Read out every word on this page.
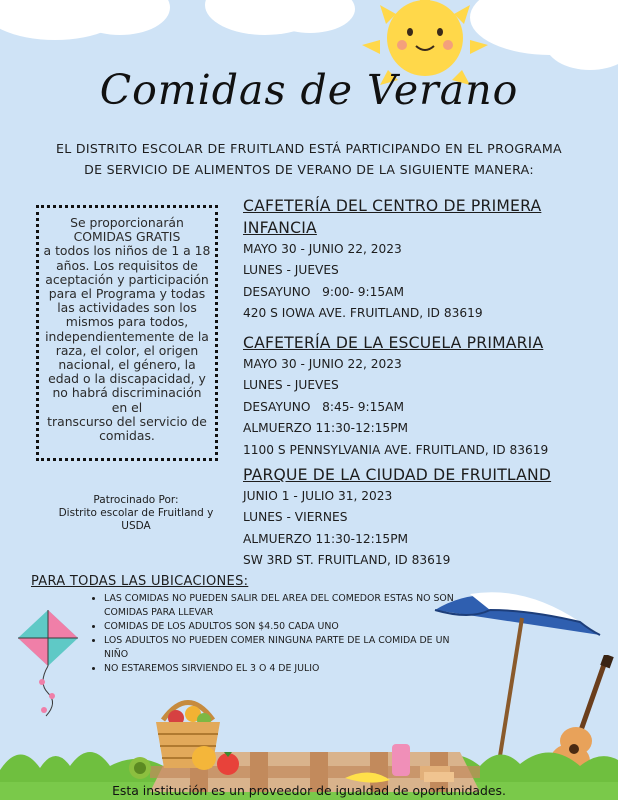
Comidas de Verano
EL DISTRITO ESCOLAR DE FRUITLAND ESTÁ PARTICIPANDO EN EL PROGRAMA
DE SERVICIO DE ALIMENTOS DE VERANO DE LA SIGUIENTE MANERA:
Se proporcionarán
COMIDAS GRATIS
a todos los niños de 1 a 18
años. Los requisitos de
aceptación y participación
para el Programa y todas
las actividades son los
mismos para todos,
independientemente de la
raza, el color, el origen
nacional, el género, la
edad o la discapacidad, y
no habrá discriminación
en el
transcurso del servicio de
comidas.
Patrocinado Por:
Distrito escolar de Fruitland y
USDA
CAFETERÍA DEL CENTRO DE PRIMERA
INFANCIA
MAYO 30 - JUNIO 22, 2023
LUNES - JUEVES
DESAYUNO   9:00- 9:15AM
420 S IOWA AVE. FRUITLAND, ID 83619
CAFETERÍA DE LA ESCUELA PRIMARIA
MAYO 30 - JUNIO 22, 2023
LUNES - JUEVES
DESAYUNO   8:45- 9:15AM
ALMUERZO 11:30-12:15PM
1100 S PENNSYLVANIA AVE. FRUITLAND, ID 83619
PARQUE DE LA CIUDAD DE FRUITLAND
JUNIO 1 - JULIO 31, 2023
LUNES - VIERNES
ALMUERZO 11:30-12:15PM
SW 3RD ST. FRUITLAND, ID 83619
PARA TODAS LAS UBICACIONES:
• LAS COMIDAS NO PUEDEN SALIR DEL AREA DEL COMEDOR ESTAS NO SON COMIDAS PARA LLEVAR
• COMIDAS DE LOS ADULTOS SON $4.50 CADA UNO
• LOS ADULTOS NO PUEDEN COMER NINGUNA PARTE DE LA COMIDA DE UN NIÑO
• NO ESTAREMOS SIRVIENDO EL 3 O 4 DE JULIO
Esta institución es un proveedor de igualdad de oportunidades.
